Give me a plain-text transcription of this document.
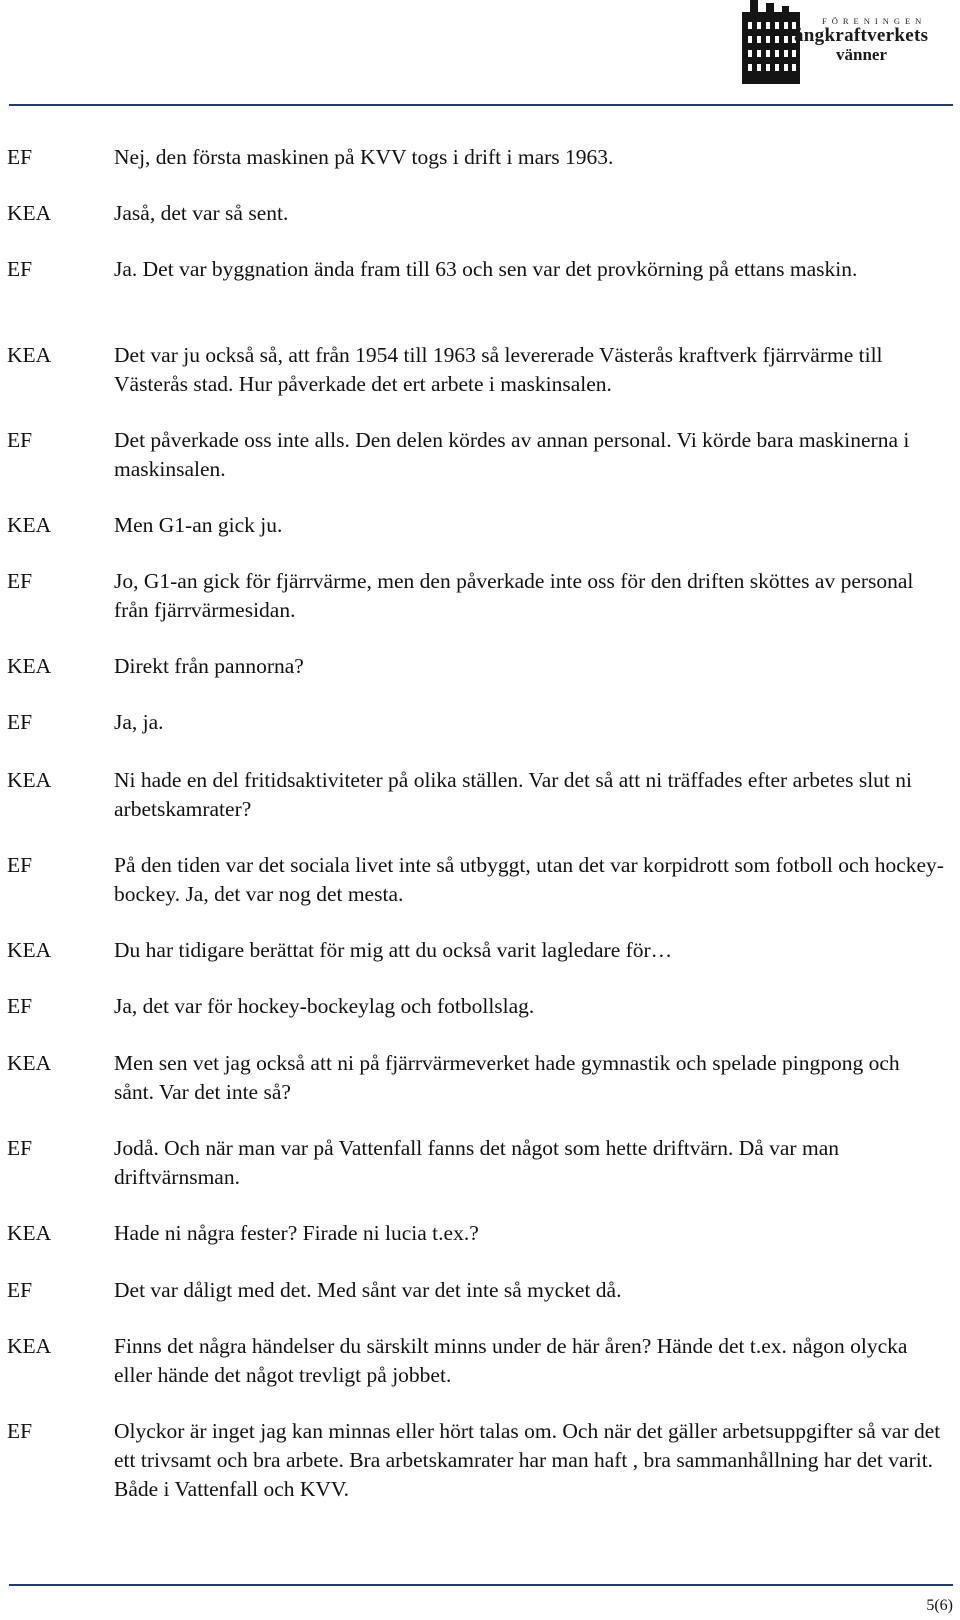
FÖRENINGEN
ångkraftverkets
vänner
EF	Nej, den första maskinen på KVV togs i drift i mars 1963.
KEA	Jaså, det var så sent.
EF	Ja. Det var byggnation ända fram till 63 och sen var det provkörning på ettans maskin.
KEA	Det var ju också så, att från 1954 till 1963 så levererade Västerås kraftverk fjärrvärme till Västerås stad. Hur påverkade det ert arbete i maskinsalen.
EF	Det påverkade oss inte alls. Den delen kördes av annan personal. Vi körde bara maskinerna i maskinsalen.
KEA	Men G1-an gick ju.
EF	Jo, G1-an gick för fjärrvärme, men den påverkade inte oss för den driften sköttes av personal från fjärrvärmesidan.
KEA	Direkt från pannorna?
EF	Ja, ja.
KEA	Ni hade en del fritidsaktiviteter på olika ställen. Var det så att ni träffades efter arbetes slut ni arbetskamrater?
EF	På den tiden var det sociala livet inte så utbyggt, utan det var korpidrott som fotboll och hockey-bockey. Ja, det var nog det mesta.
KEA	Du har tidigare berättat för mig att du också varit lagledare för…
EF	Ja, det var för hockey-bockeylag och fotbollslag.
KEA	Men sen vet jag också att ni på fjärrvärmeverket hade gymnastik och spelade pingpong och sånt. Var det inte så?
EF	Jodå. Och när man var på Vattenfall fanns det något som hette driftvärn. Då var man driftvärnsman.
KEA	Hade ni några fester? Firade ni lucia t.ex.?
EF	Det var dåligt med det. Med sånt var det inte så mycket då.
KEA	Finns det några händelser du särskilt minns under de här åren? Hände det t.ex. någon olycka eller hände det något trevligt på jobbet.
EF	Olyckor är inget jag kan minnas eller hört talas om. Och när det gäller arbetsuppgifter så var det ett trivsamt och bra arbete. Bra arbetskamrater har man haft , bra sammanhållning har det varit. Både i Vattenfall och KVV.
5(6)
